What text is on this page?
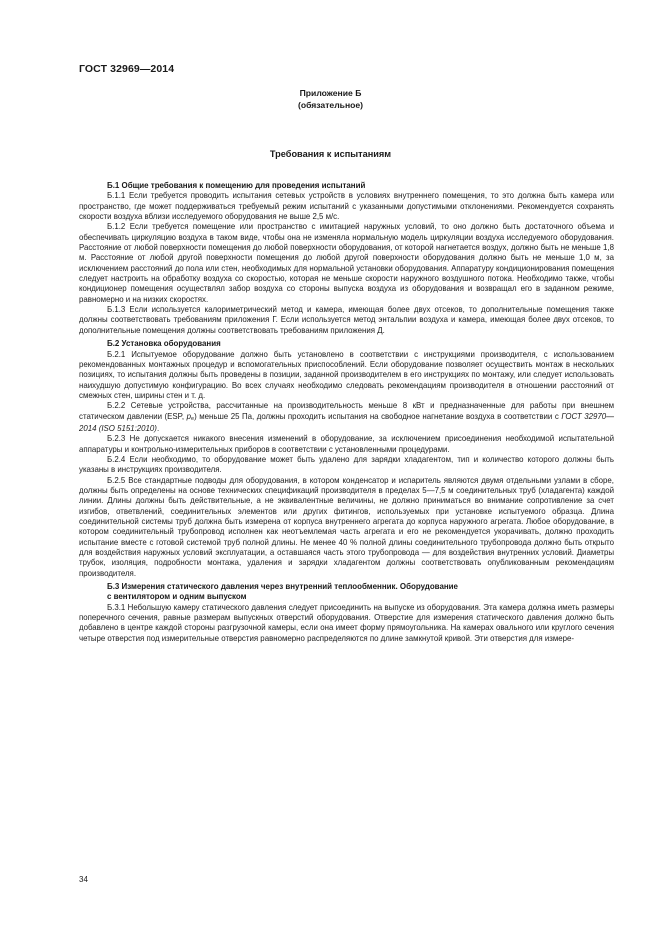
ГОСТ 32969—2014
Приложение Б
(обязательное)
Требования к испытаниям
Б.1 Общие требования к помещению для проведения испытаний

Б.1.1 Если требуется проводить испытания сетевых устройств в условиях внутреннего помещения, то это должна быть камера или пространство, где может поддерживаться требуемый режим испытаний с указанными допустимыми отклонениями. Рекомендуется сохранять скорости воздуха вблизи исследуемого оборудования не выше 2,5 м/с.

Б.1.2 Если требуется помещение или пространство с имитацией наружных условий, то оно должно быть достаточного объема и обеспечивать циркуляцию воздуха в таком виде, чтобы она не изменяла нормальную модель циркуляции воздуха исследуемого оборудования. Расстояние от любой поверхности помещения до любой поверхности оборудования, от которой нагнетается воздух, должно быть не меньше 1,8 м. Расстояние от любой другой поверхности помещения до любой другой поверхности оборудования должно быть не меньше 1,0 м, за исключением расстояний до пола или стен, необходимых для нормальной установки оборудования. Аппаратуру кондиционирования помещения следует настроить на обработку воздуха со скоростью, которая не меньше скорости наружного воздушного потока. Необходимо также, чтобы кондиционер помещения осуществлял забор воздуха со стороны выпуска воздуха из оборудования и возвращал его в заданном режиме, равномерно и на низких скоростях.

Б.1.3 Если используется калориметрический метод и камера, имеющая более двух отсеков, то дополнительные помещения также должны соответствовать требованиям приложения Г. Если используется метод энтальпии воздуха и камера, имеющая более двух отсеков, то дополнительные помещения должны соответствовать требованиям приложения Д.

Б.2 Установка оборудования

Б.2.1 Испытуемое оборудование должно быть установлено в соответствии с инструкциями производителя, с использованием рекомендованных монтажных процедур и вспомогательных приспособлений. Если оборудование позволяет осуществить монтаж в нескольких позициях, то испытания должны быть проведены в позиции, заданной производителем в его инструкциях по монтажу, или следует использовать наихудшую допустимую конфигурацию. Во всех случаях необходимо следовать рекомендациям производителя в отношении расстояний от смежных стен, ширины стен и т. д.

Б.2.2 Сетевые устройства, рассчитанные на производительность меньше 8 кВт и предназначенные для работы при внешнем статическом давлении (ESP, pe) меньше 25 Па, должны проходить испытания на свободное нагнетание воздуха в соответствии с ГОСТ 32970—2014 (ISO 5151:2010).

Б.2.3 Не допускается никакого внесения изменений в оборудование, за исключением присоединения необходимой испытательной аппаратуры и контрольно-измерительных приборов в соответствии с установленными процедурами.

Б.2.4 Если необходимо, то оборудование может быть удалено для зарядки хладагентом, тип и количество которого должны быть указаны в инструкциях производителя.

Б.2.5 Все стандартные подводы для оборудования, в котором конденсатор и испаритель являются двумя отдельными узлами в сборе, должны быть определены на основе технических спецификаций производителя в пределах 5—7,5 м соединительных труб (хладагента) каждой линии. Длины должны быть действительные, а не эквивалентные величины, не должно приниматься во внимание сопротивление за счет изгибов, ответвлений, соединительных элементов или других фитингов, используемых при установке испытуемого образца. Длина соединительной системы труб должна быть измерена от корпуса внутреннего агрегата до корпуса наружного агрегата. Любое оборудование, в котором соединительный трубопровод исполнен как неотъемлемая часть агрегата и его не рекомендуется укорачивать, должно проходить испытание вместе с готовой системой труб полной длины. Не менее 40 % полной длины соединительного трубопровода должно быть открыто для воздействия наружных условий эксплуатации, а оставшаяся часть этого трубопровода — для воздействия внутренних условий. Диаметры трубок, изоляция, подробности монтажа, удаления и зарядки хладагентом должны соответствовать опубликованным рекомендациям производителя.

Б.3 Измерения статического давления через внутренний теплообменник. Оборудование
с вентилятором и одним выпуском

Б.3.1 Небольшую камеру статического давления следует присоединить на выпуске из оборудования. Эта камера должна иметь размеры поперечного сечения, равные размерам выпускных отверстий оборудования. Отверстие для измерения статического давления должно быть добавлено в центре каждой стороны разгрузочной камеры, если она имеет форму прямоугольника. На камерах овального или круглого сечения четыре отверстия под измерительные отверстия равномерно распределяются по длине замкнутой кривой. Эти отверстия для измере-

34
